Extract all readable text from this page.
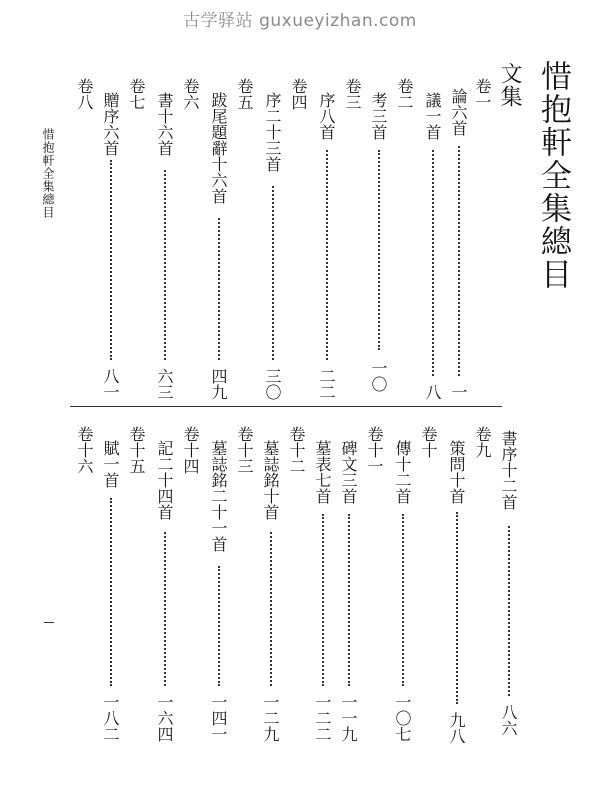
古学驿站 guxueyizhan.com
惜抱軒全集總目
文集
惜抱軒全集總目
卷一
論六首
一
議一首
八
卷二
考三首
一〇
卷三
序八首
二二
卷四
序二十三首
三〇
卷五
跋尾題辭十六首
四九
卷六
書十六首
六三
卷七
贈序六首
八一
卷八
書序十二首
八六
卷九
策問十首
九八
卷十
傳十二首
一〇七
卷十一
碑文三首
一一九
墓表七首
一二二
卷十二
墓誌銘十首
一二九
卷十三
墓誌銘二十一首
一四一
卷十四
記二十四首
一六四
卷十五
賦一首
一八二
卷十六
